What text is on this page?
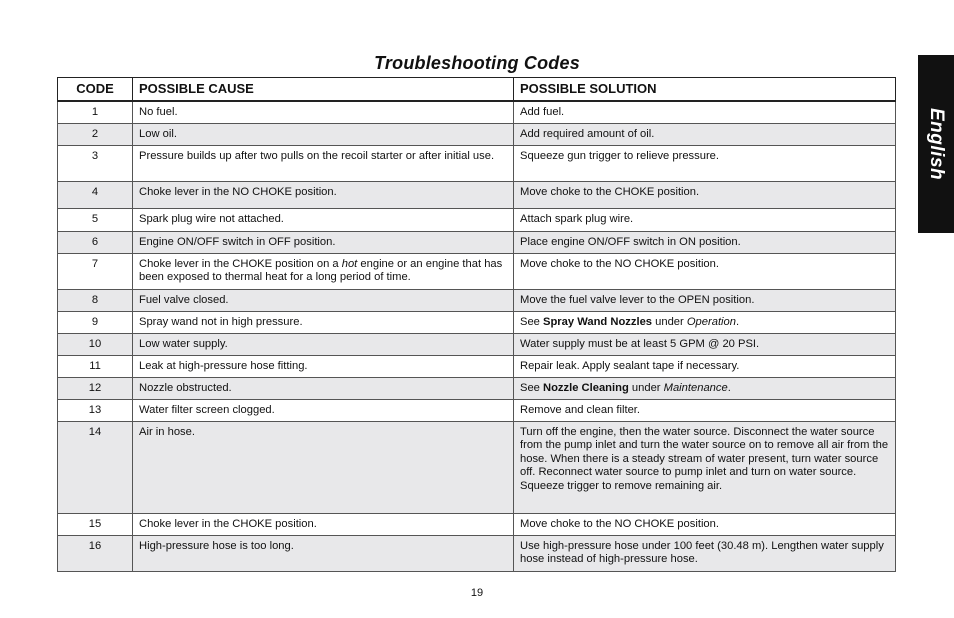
Troubleshooting Codes
English
CODE	POSSIBLE CAUSE	POSSIBLE SOLUTION
1	No fuel.	Add fuel.
2	Low oil.	Add required amount of oil.
3	Pressure builds up after two pulls on the recoil starter or after initial use.	Squeeze gun trigger to relieve pressure.
4	Choke lever in the NO CHOKE position.	Move choke to the CHOKE position.
5	Spark plug wire not attached.	Attach spark plug wire.
6	Engine ON/OFF switch in OFF position.	Place engine ON/OFF switch in ON position.
7	Choke lever in the CHOKE position on a hot engine or an engine that has been exposed to thermal heat for a long period of time.	Move choke to the NO CHOKE position.
8	Fuel valve closed.	Move the fuel valve lever to the OPEN position.
9	Spray wand not in high pressure.	See Spray Wand Nozzles under Operation.
10	Low water supply.	Water supply must be at least 5 GPM @ 20 PSI.
11	Leak at high-pressure hose fitting.	Repair leak. Apply sealant tape if necessary.
12	Nozzle obstructed.	See Nozzle Cleaning under Maintenance.
13	Water filter screen clogged.	Remove and clean filter.
14	Air in hose.	Turn off the engine, then the water source. Disconnect the water source from the pump inlet and turn the water source on to remove all air from the hose. When there is a steady stream of water present, turn water source off. Reconnect water source to pump inlet and turn on water source. Squeeze trigger to remove remaining air.
15	Choke lever in the CHOKE position.	Move choke to the NO CHOKE position.
16	High-pressure hose is too long.	Use high-pressure hose under 100 feet (30.48 m). Lengthen water supply hose instead of high-pressure hose.
19
